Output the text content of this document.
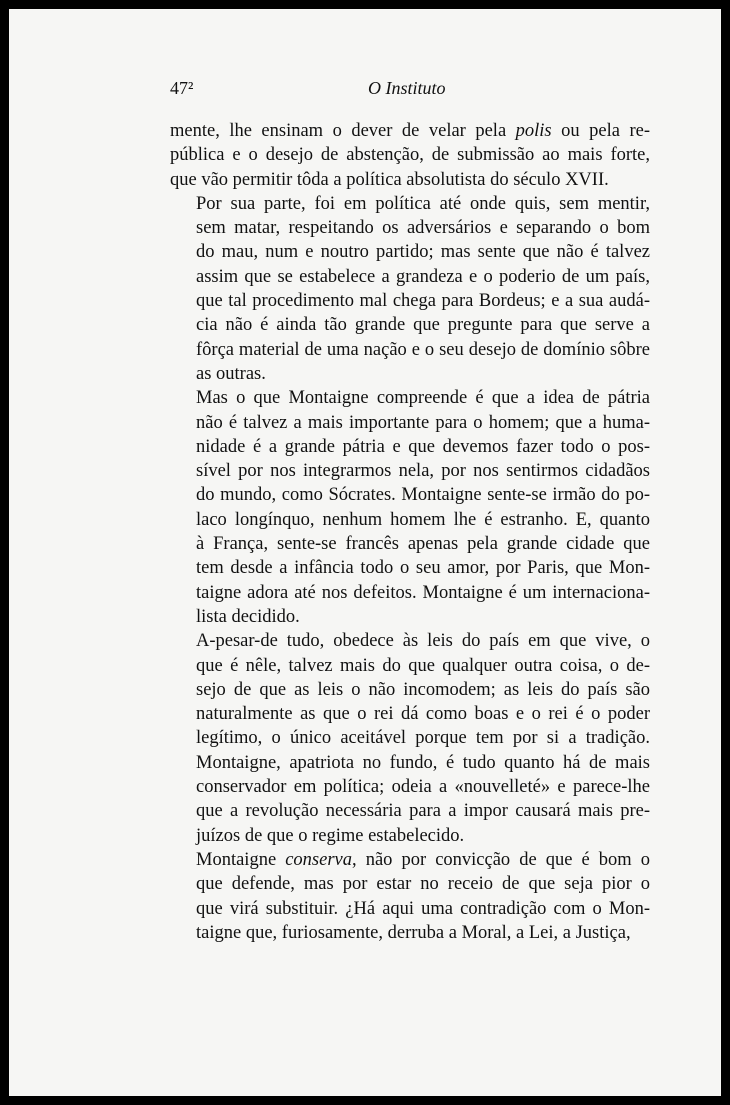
47²	O Instituto

mente, lhe ensinam o dever de velar pela polis ou pela re-
pública e o desejo de abstenção, de submissão ao mais forte,
que vão permitir tôda a política absolutista do século XVII.

Por sua parte, foi em política até onde quis, sem mentir,
sem matar, respeitando os adversários e separando o bom
do mau, num e noutro partido; mas sente que não é talvez
assim que se estabelece a grandeza e o poderio de um país,
que tal procedimento mal chega para Bordeus; e a sua audá-
cia não é ainda tão grande que pregunte para que serve a
fôrça material de uma nação e o seu desejo de domínio sôbre
as outras.

Mas o que Montaigne compreende é que a idea de pátria
não é talvez a mais importante para o homem; que a huma-
nidade é a grande pátria e que devemos fazer todo o pos-
sível por nos integrarmos nela, por nos sentirmos cidadãos
do mundo, como Sócrates. Montaigne sente-se irmão do po-
laco longínquo, nenhum homem lhe é estranho. E, quanto
à França, sente-se francês apenas pela grande cidade que
tem desde a infância todo o seu amor, por Paris, que Mon-
taigne adora até nos defeitos. Montaigne é um internaciona-
lista decidido.

A-pesar-de tudo, obedece às leis do país em que vive, o
que é nêle, talvez mais do que qualquer outra coisa, o de-
sejo de que as leis o não incomodem; as leis do país são
naturalmente as que o rei dá como boas e o rei é o poder
legítimo, o único aceitável porque tem por si a tradição.
Montaigne, apatriota no fundo, é tudo quanto há de mais
conservador em política; odeia a «nouvelleté» e parece-lhe
que a revolução necessária para a impor causará mais pre-
juízos de que o regime estabelecido.

Montaigne conserva, não por convicção de que é bom o
que defende, mas por estar no receio de que seja pior o
que virá substituir. ¿Há aqui uma contradição com o Mon-
taigne que, furiosamente, derruba a Moral, a Lei, a Justiça,
